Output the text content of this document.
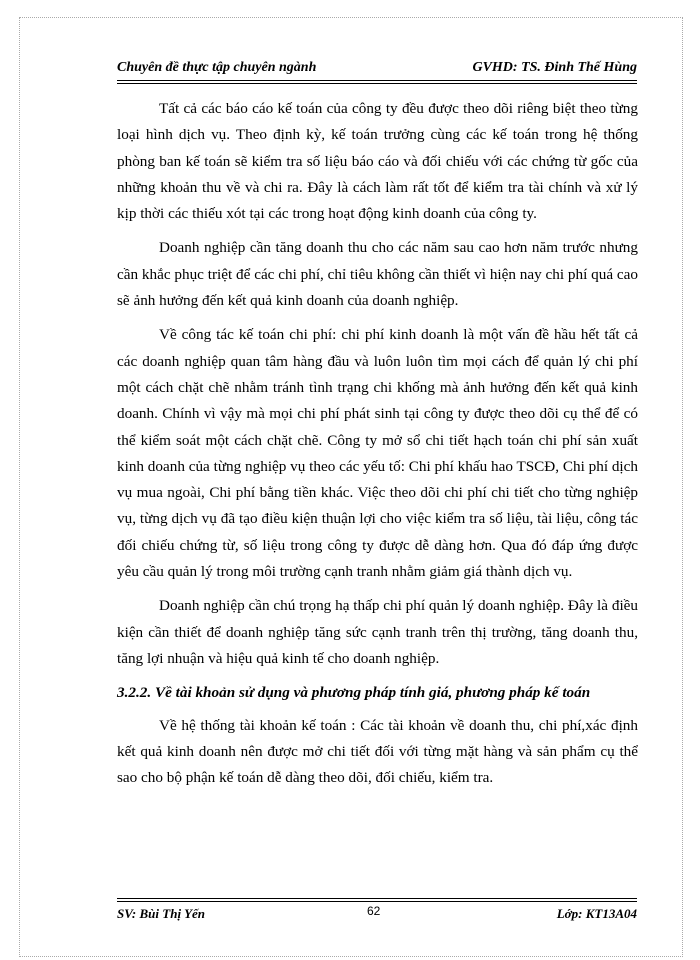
Chuyên đề thực tập chuyên ngành	GVHD: TS. Đinh Thế Hùng

Tất cả các báo cáo kế toán của công ty đều được theo dõi riêng biệt theo từng loại hình dịch vụ. Theo định kỳ, kế toán trưởng cùng các kế toán trong hệ thống phòng ban kế toán sẽ kiểm tra số liệu báo cáo và đối chiếu với các chứng từ gốc của những khoản thu về và chi ra. Đây là cách làm rất tốt để kiểm tra tài chính và xử lý kịp thời các thiếu xót tại các trong hoạt động kinh doanh của công ty.

Doanh nghiệp cần tăng doanh thu cho các năm sau cao hơn năm trước nhưng cần khắc phục triệt để các chi phí, chỉ tiêu không cần thiết vì hiện nay chi phí quá cao sẽ ảnh hưởng đến kết quả kinh doanh của doanh nghiệp.

Về công tác kế toán chi phí: chi phí kinh doanh là một vấn đề hầu hết tất cả các doanh nghiệp quan tâm hàng đầu và luôn luôn tìm mọi cách để quản lý chi phí một cách chặt chẽ nhằm tránh tình trạng chi khống mà ảnh hưởng đến kết quả kinh doanh. Chính vì vậy mà mọi chi phí phát sinh tại công ty được theo dõi cụ thể để có thể kiểm soát một cách chặt chẽ. Công ty mở sổ chi tiết hạch toán chi phí sản xuất kinh doanh của từng nghiệp vụ theo các yếu tố: Chi phí khấu hao TSCĐ, Chi phí dịch vụ mua ngoài, Chi phí bằng tiền khác. Việc theo dõi chi phí chi tiết cho từng nghiệp vụ, từng dịch vụ đã tạo điều kiện thuận lợi cho việc kiểm tra số liệu, tài liệu, công tác đối chiếu chứng từ, số liệu trong công ty được dễ dàng hơn. Qua đó đáp ứng được yêu cầu quản lý trong môi trường cạnh tranh nhằm giảm giá thành dịch vụ.

Doanh nghiệp cần chú trọng hạ thấp chi phí quản lý doanh nghiệp. Đây là điều kiện cần thiết để doanh nghiệp tăng sức cạnh tranh trên thị trường, tăng doanh thu, tăng lợi nhuận và hiệu quả kinh tế cho doanh nghiệp.

3.2.2. Về tài khoản sử dụng và phương pháp tính giá, phương pháp kế toán

Về hệ thống tài khoản kế toán : Các tài khoản về doanh thu, chi phí,xác định kết quả kinh doanh nên được mở chi tiết đối với từng mặt hàng và sản phẩm cụ thể sao cho bộ phận kế toán dễ dàng theo dõi, đối chiếu, kiểm tra.

SV: Bùi Thị Yến	62	Lớp: KT13A04
